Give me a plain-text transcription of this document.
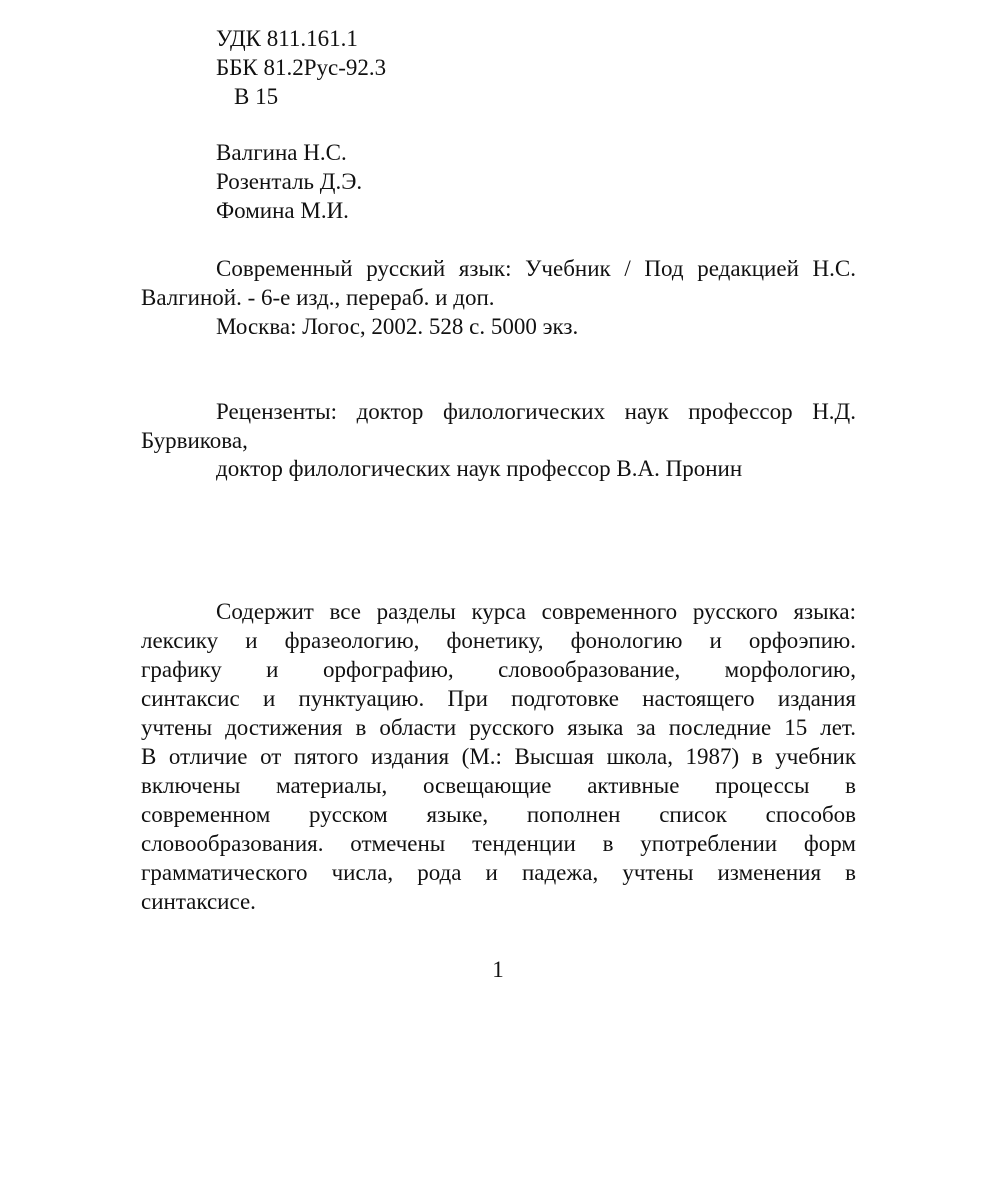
УДК 811.161.1
ББК 81.2Рус-92.3
В 15
Валгина Н.С.
Розенталь Д.Э.
Фомина М.И.
Современный русский язык: Учебник / Под редакцией Н.С.
Валгиной. - 6-е изд., перераб. и доп.
Москва: Логос, 2002. 528 с. 5000 экз.
Рецензенты: доктор филологических наук профессор Н.Д.
Бурвикова,
доктор филологических наук профессор В.А. Пронин
Содержит все разделы курса современного русского языка:
лексику и фразеологию, фонетику, фонологию и орфоэпию.
графику и орфографию, словообразование, морфологию,
синтаксис и пунктуацию. При подготовке настоящего издания
учтены достижения в области русского языка за последние 15 лет.
В отличие от пятого издания (М.: Высшая школа, 1987) в учебник
включены материалы, освещающие активные процессы в
современном русском языке, пополнен список способов
словообразования. отмечены тенденции в употреблении форм
грамматического числа, рода и падежа, учтены изменения в
синтаксисе.
1
